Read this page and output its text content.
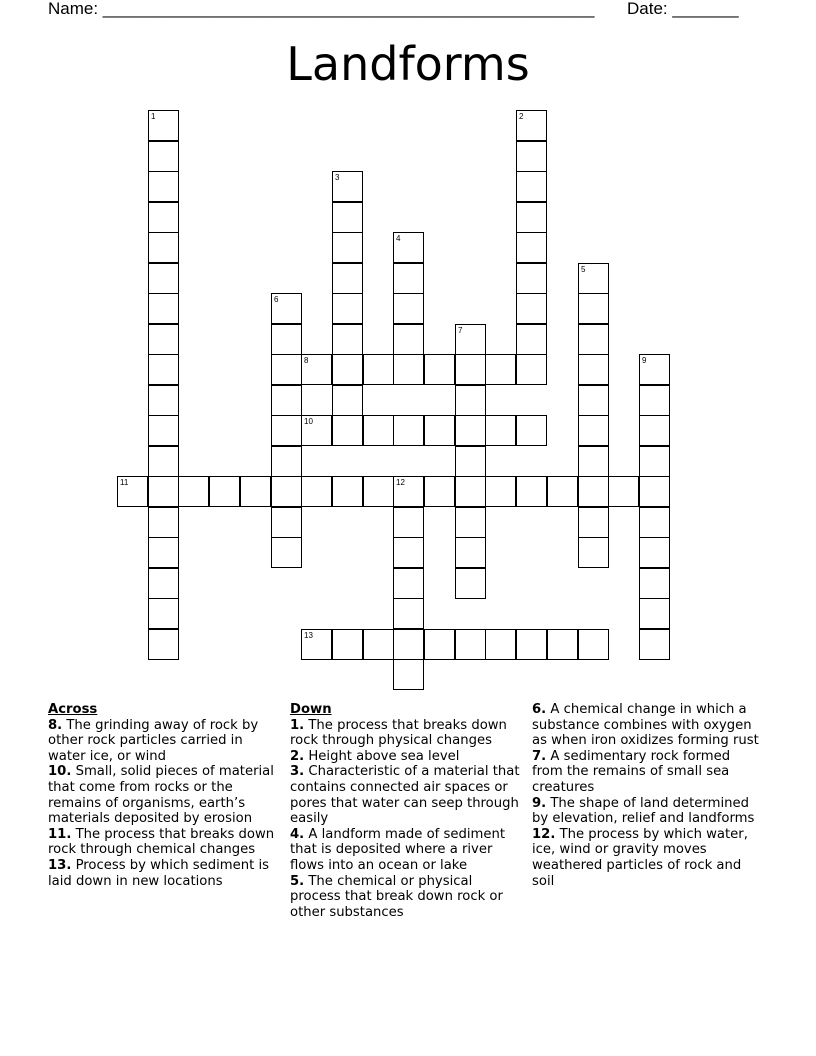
Name: ____________________________________________________ Date: _______
Landforms
1	2
3
4
5
6
7
8	9
10
11	12
13
Across

8. The grinding away of rock by other rock particles carried in water ice, or wind

10. Small, solid pieces of material that come from rocks or the remains of organisms, earth’s materials deposited by erosion

11. The process that breaks down rock through chemical changes

13. Process by which sediment is laid down in new locations

Down

1. The process that breaks down rock through physical changes

2. Height above sea level

3. Characteristic of a material that contains connected air spaces or pores that water can seep through easily

4. A landform made of sediment that is deposited where a river flows into an ocean or lake

5. The chemical or physical process that break down rock or other substances

6. A chemical change in which a substance combines with oxygen as when iron oxidizes forming rust

7. A sedimentary rock formed from the remains of small sea creatures

9. The shape of land determined by elevation, relief and landforms

12. The process by which water, ice, wind or gravity moves weathered particles of rock and soil
